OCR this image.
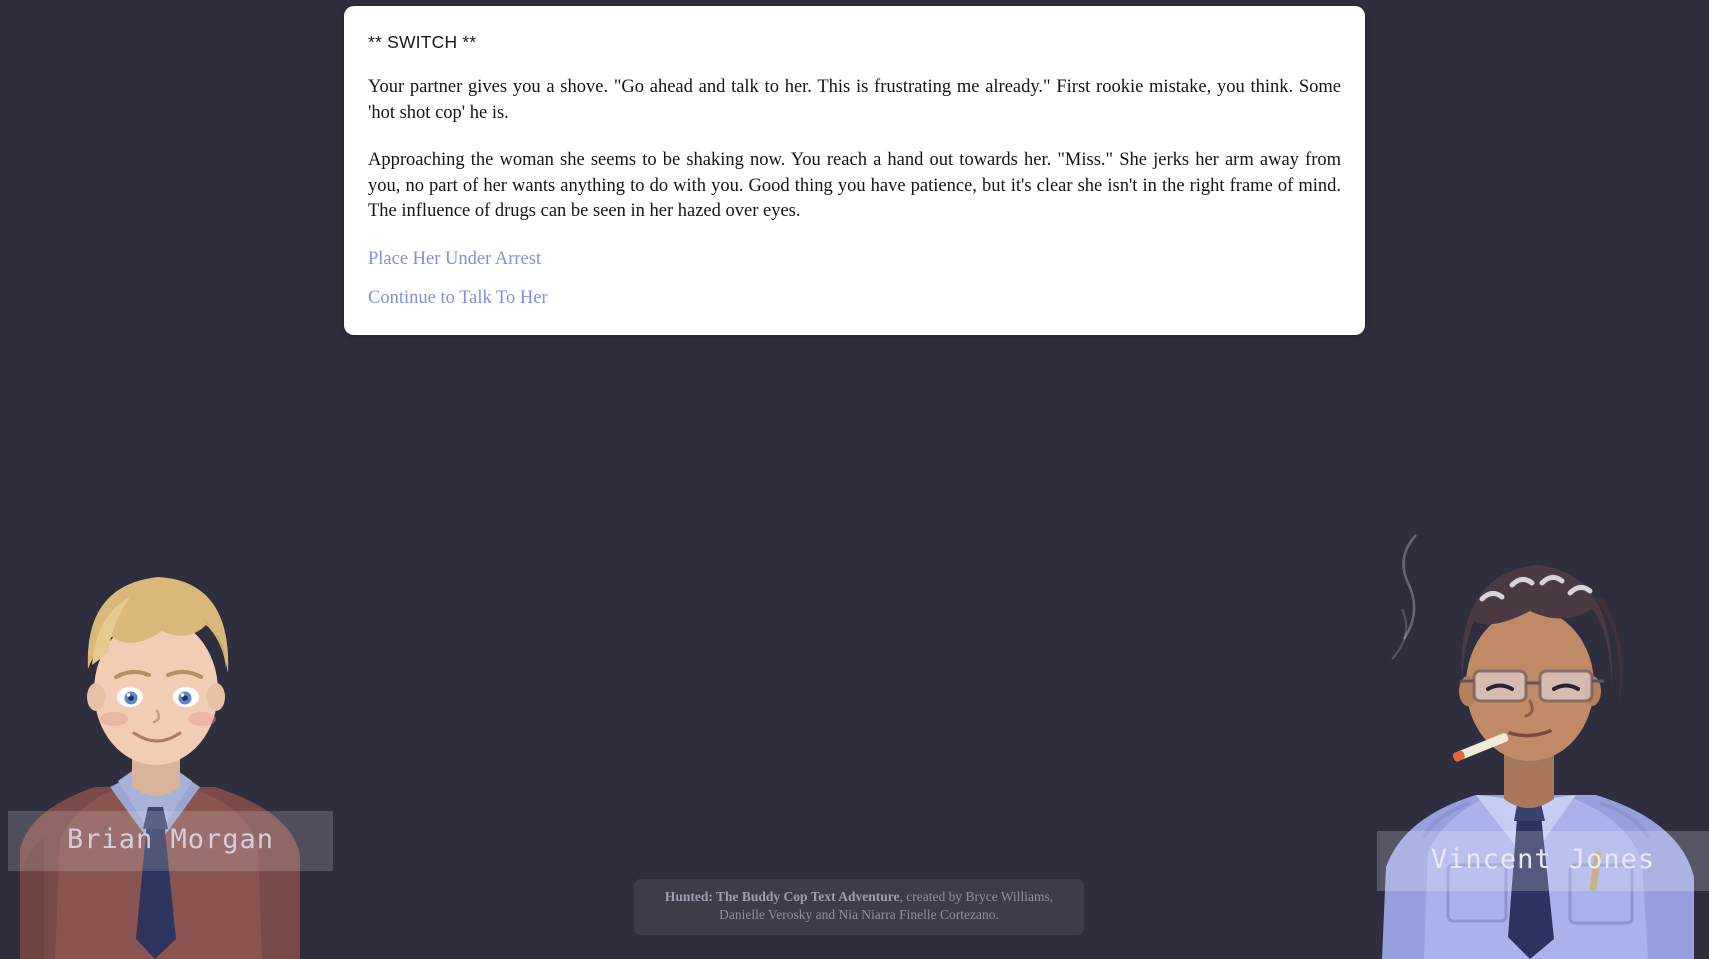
Brian Morgan
Vincent Jones
** SWITCH **

Your partner gives you a shove. "Go ahead and talk to her. This is frustrating me already." First rookie mistake, you think. Some 'hot shot cop' he is.

Approaching the woman she seems to be shaking now. You reach a hand out towards her. "Miss." She jerks her arm away from you, no part of her wants anything to do with you. Good thing you have patience, but it's clear she isn't in the right frame of mind. The influence of drugs can be seen in her hazed over eyes.

Place Her Under Arrest
Continue to Talk To Her
Hunted: The Buddy Cop Text Adventure, created by Bryce Williams,
Danielle Verosky and Nia Niarra Finelle Cortezano.
